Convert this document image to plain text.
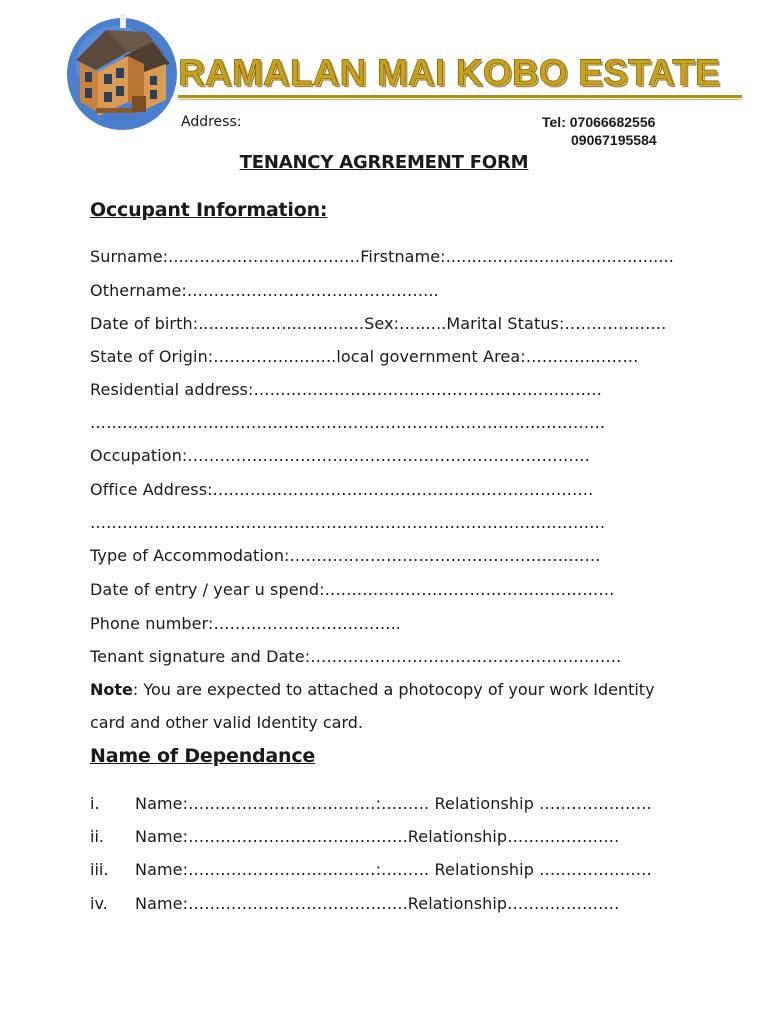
RAMALAN MAI KOBO ESTATE
Address:	Tel: 07066682556
09067195584
TENANCY AGRREMENT FORM
Occupant Information:
Surname:......…………………………Firstname:............................................
Othername:………………………………………..
Date of birth:................................Sex:…......Marital Status:……………….
State of Origin:…………………..local government Area:…………………
Residential address:……………………………………………….……….
……………………………………………………………………………………
Occupation:…………………………………………………………………
Office Address:.…………………………………………………………….
……………………………………………………………………………………
Type of Accommodation:…………………………….……………………
Date of entry / year u spend:………………………………………………
Phone number:……………………………..
Tenant signature and Date:………………………………………………….
Note: You are expected to attached a photocopy of your work Identity card and other valid Identity card.
Name of Dependance
i. Name:………………………..……:……… Relationship …………………
ii. Name:…………………………………..Relationship……..………….
iii. Name:………………………..……:……… Relationship …………………
iv. Name:…………………………………..Relationship……..………….
